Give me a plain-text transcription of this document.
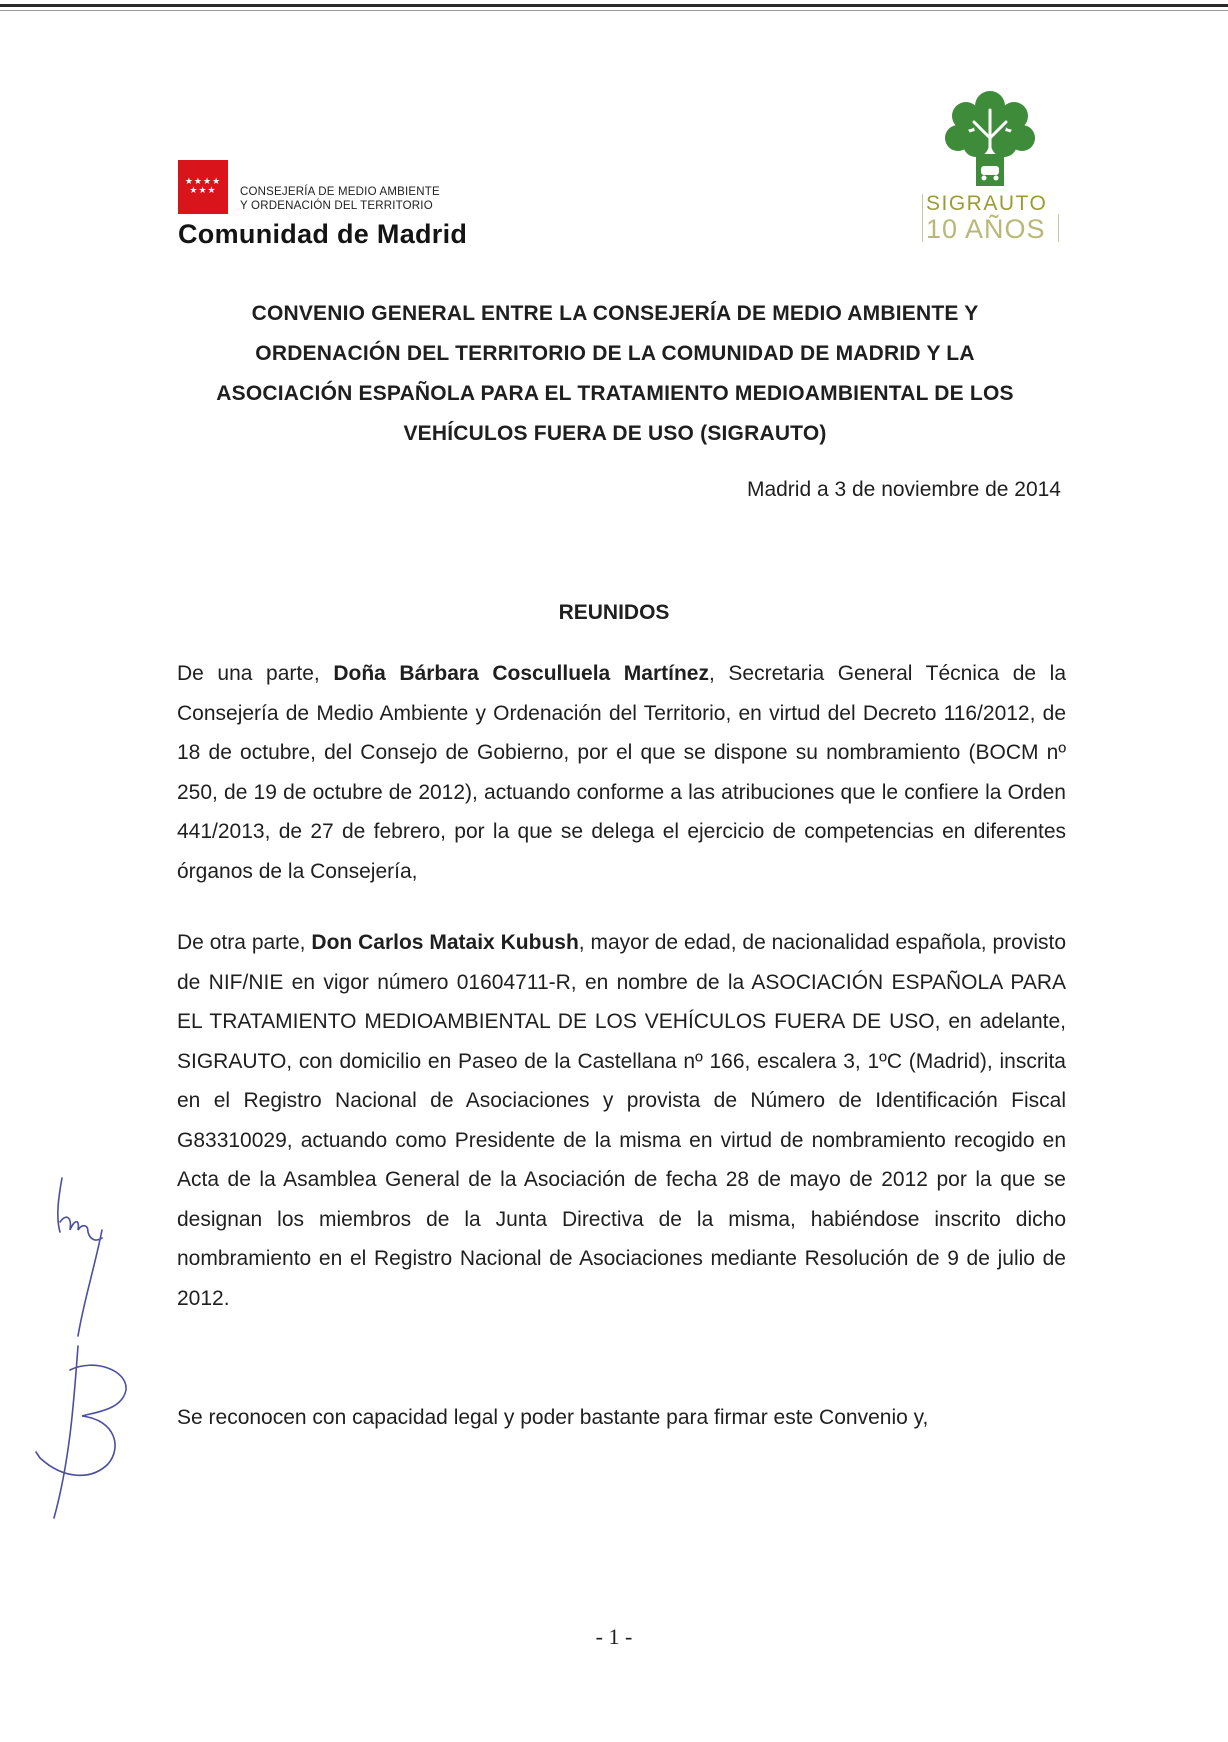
★★★★
★★★	CONSEJERÍA DE MEDIO AMBIENTE
Y ORDENACIÓN DEL TERRITORIO
Comunidad de Madrid
SIGRAUTO
10 AÑOS
CONVENIO GENERAL ENTRE LA CONSEJERÍA DE MEDIO AMBIENTE Y
ORDENACIÓN DEL TERRITORIO DE LA COMUNIDAD DE MADRID Y LA
ASOCIACIÓN ESPAÑOLA PARA EL TRATAMIENTO MEDIOAMBIENTAL DE LOS
VEHÍCULOS FUERA DE USO (SIGRAUTO)
Madrid a 3 de noviembre de 2014
REUNIDOS
De una parte, Doña Bárbara Cosculluela Martínez, Secretaria General Técnica de la Consejería de Medio Ambiente y Ordenación del Territorio, en virtud del Decreto 116/2012, de 18 de octubre, del Consejo de Gobierno, por el que se dispone su nombramiento (BOCM nº 250, de 19 de octubre de 2012), actuando conforme a las atribuciones que le confiere la Orden 441/2013, de 27 de febrero, por la que se delega el ejercicio de competencias en diferentes órganos de la Consejería,
De otra parte, Don Carlos Mataix Kubush, mayor de edad, de nacionalidad española, provisto de NIF/NIE en vigor número 01604711-R, en nombre de la ASOCIACIÓN ESPAÑOLA PARA EL TRATAMIENTO MEDIOAMBIENTAL DE LOS VEHÍCULOS FUERA DE USO, en adelante, SIGRAUTO, con domicilio en Paseo de la Castellana nº 166, escalera 3, 1ºC (Madrid), inscrita en el Registro Nacional de Asociaciones y provista de Número de Identificación Fiscal G83310029, actuando como Presidente de la misma en virtud de nombramiento recogido en Acta de la Asamblea General de la Asociación de fecha 28 de mayo de 2012 por la que se designan los miembros de la Junta Directiva de la misma, habiéndose inscrito dicho nombramiento en el Registro Nacional de Asociaciones mediante Resolución de 9 de julio de 2012.
Se reconocen con capacidad legal y poder bastante para firmar este Convenio y,
- 1 -
